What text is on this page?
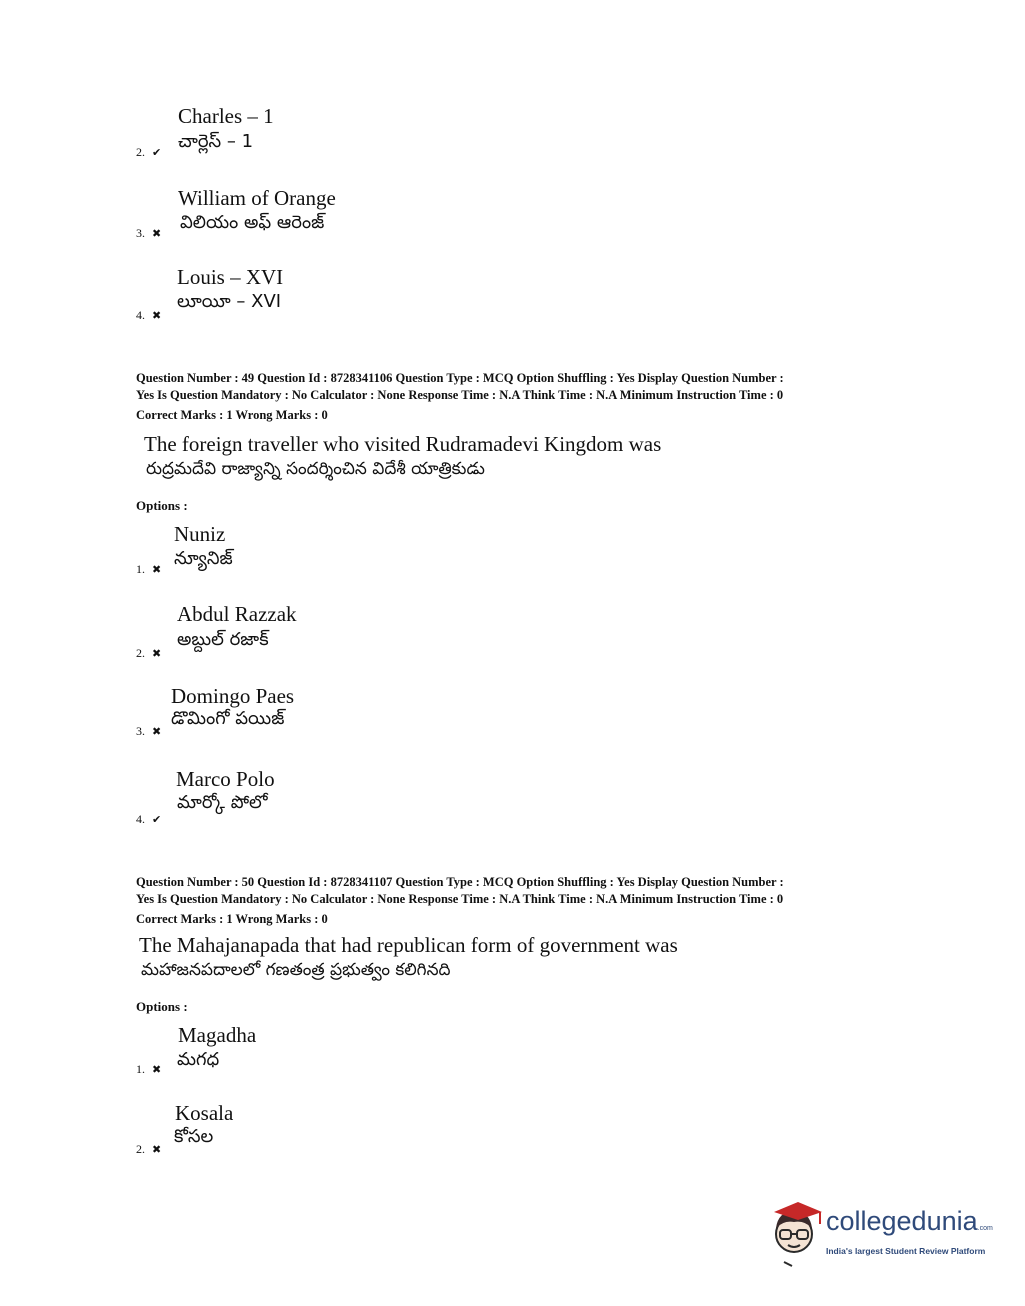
Charles – 1
చార్లెస్ – 1
2. ✔
William of Orange
విలియం అఫ్ ఆరెంజ్
3. ✖
Louis – XVI
లూయీ – XVI
4. ✖
Question Number : 49 Question Id : 8728341106 Question Type : MCQ Option Shuffling : Yes Display Question Number :
Yes Is Question Mandatory : No Calculator : None Response Time : N.A Think Time : N.A Minimum Instruction Time : 0
Correct Marks : 1 Wrong Marks : 0
The foreign traveller who visited Rudramadevi Kingdom was
రుద్రమదేవి రాజ్యాన్ని సందర్శించిన విదేశీ యాత్రికుడు
Options :
Nuniz
న్యూనిజ్
1. ✖
Abdul Razzak
అబ్దుల్ రజాక్
2. ✖
Domingo Paes
డొమింగో పయిజ్
3. ✖
Marco Polo
మార్కో పోలో
4. ✔
Question Number : 50 Question Id : 8728341107 Question Type : MCQ Option Shuffling : Yes Display Question Number :
Yes Is Question Mandatory : No Calculator : None Response Time : N.A Think Time : N.A Minimum Instruction Time : 0
Correct Marks : 1 Wrong Marks : 0
The Mahajanapada that had republican form of government was
మహాజనపదాలలో గణతంత్ర ప్రభుత్వం కలిగినది
Options :
Magadha
మగధ
1. ✖
Kosala
కోసల
2. ✖
collegedunia.com
India's largest Student Review Platform
